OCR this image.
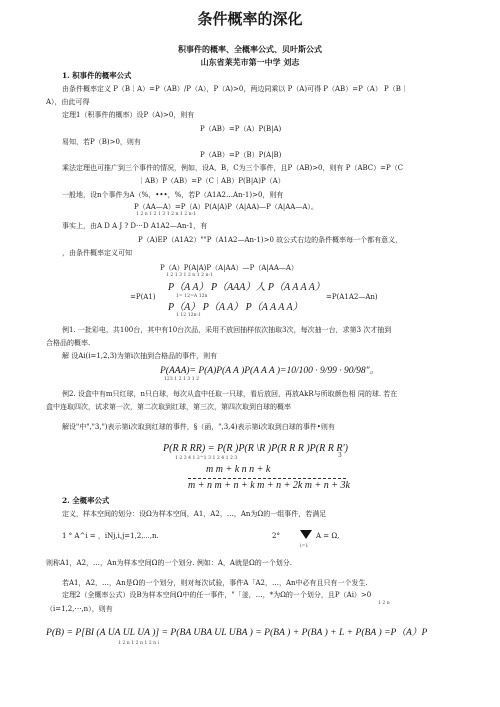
条件概率的深化
积事件的概率、全概率公式、贝叶斯公式
山东省莱芜市第一中学 刘志
1. 积事件的概率公式
由条件概率定义 P（B｜A）=P（AB）/P（A），P（A)>0，两边同乘以 P（A)可得 P（AB）=P（A） P（B｜
A），由此可得
定理1（积事件的概率）设P（A)>0，则有
P（AB）=P（A）P(B|A)
易知，若P（B)>0，则有
P（AB）=P（B）P(A|B)
乘法定理也可推广到三个事件的情况，例如，设A，B，C为三个事件，且P（AB)>0，则有 P（ABC）=P（C
｜AB）P（AB）=P（C｜AB）P(B|A)P（A）
一般地，设n个事件为A（%，•••，%，若P（A1A2…An-1)>0，则有
P（AA—A）=P（A）P(A|A)P（A|AA)—P（A|AA—A）。
1 2 n 1 2 1 3 1 2 n 1 2 n-1
事实上，由A D A J ? D⋯D A1A2—An-1，有
P（A)EP（A1A2）""P（A1A2—An-1)>0 故公式右边的条件概率每一个都有意义，
，由条件概率定义可知
P（A）P(A|A)P（A|AA）—P（A|AA—A）
1 2 1 3 1 2 n 1 2 n-1
=P(A1)
P（A A） P（AAA）人 P（A A A A）
1= 12=A 12n
P（A） P（A A） P（A A A A）
1 12 12n-1
=P(A1A2—An)
例1. 一批彩电，共100台，其中有10台次品，采用不放回抽样依次抽取3次，每次抽一台，求第3 次才抽到
合格品的概率.
解 设Ai(i=1,2,3)为第i次抽到合格品的事件，则有
P(AAA)= P(A)P(A A )P(A A A )=10/100 · 9/99 · 90/98"。
123 1 2 1 3 1 2
例2. 设盒中有m只红球，n只白球，每次从盒中任取一只球，看后放回，再放AkR与所取颜色相 同的球. 若在
盒中连取四次，试求第一次，第二次取到红球，第三次，第四次取到白球的概率
解设"中","3,")表示第i次取到红球的事件，§（函，",3,4)表示第i次取到白球的事件•则有
P(R R RR) = P(R )P(R \R )P(R R R )P(R R R')
1 2 3 4 1 2^1 3 1 2 4 1 2 3	3
m m + k n n + k
m + n m + n + k m + n + 2k m + n + 3k
2. 全概率公式
定义，样本空间的划分：设Ω为样本空间，A1，A2，…，An为Ω的一组事件，若满足
1 ° A^i = ，iNj,i,j=1,2,⋯,n.	2°	A = Ω,
i=1
则称A1，A2，…，An为样本空间Ω的一个划分. 例如：A，A就是Ω的一个划分.
若A1，A2，…，An是Ω的一个划分，则对每次试验，事件A「A2，…，An中必有且只有一个发生.
定理2（全概率公式）设B为样本空间Ω中的任一事件，"「釜，…，*为Ω的一个划分，且P（Ai）>0
1 2 n
（i=1,2,⋯,n），则有
P(B) = P[BI (A UA UL UA )] = P(BA UBA UL UBA ) = P(BA ) + P(BA ) + L + P(BA ) =P（A）P
1 2 n 1 2 n 1 2 n i
